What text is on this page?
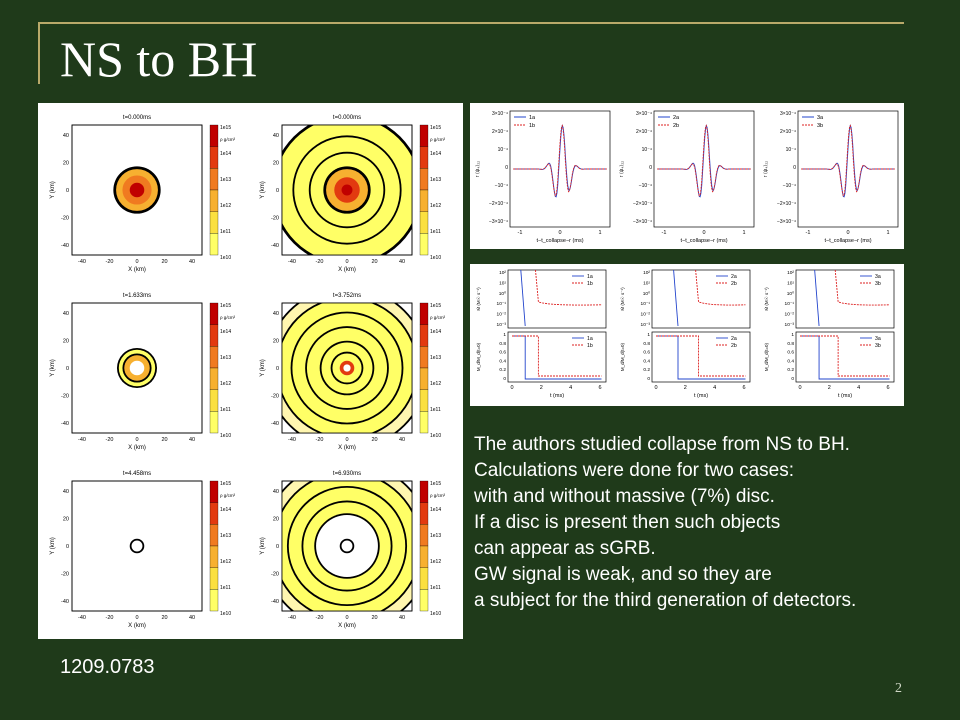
NS to BH
t=0.000ms
-40
-40
-20
-20
0
0
20
20
40
40
X (km)
Y (km)
1e15
1e14
1e13
1e12
1e11
1e10
ρ g/cm³
t=0.000ms
-40
-40
-20
-20
0
0
20
20
40
40
X (km)
Y (km)
1e15
1e14
1e13
1e12
1e11
1e10
ρ g/cm³
t=1.633ms
-40
-40
-20
-20
0
0
20
20
40
40
X (km)
Y (km)
1e15
1e14
1e13
1e12
1e11
1e10
ρ g/cm³
t=3.752ms
-40
-40
-20
-20
0
0
20
20
40
40
X (km)
Y (km)
1e15
1e14
1e13
1e12
1e11
1e10
ρ g/cm³
t=4.458ms
-40
-40
-20
-20
0
0
20
20
40
40
X (km)
Y (km)
1e15
1e14
1e13
1e12
1e11
1e10
ρ g/cm³
t=6.930ms
-40
-40
-20
-20
0
0
20
20
40
40
X (km)
Y (km)
1e15
1e14
1e13
1e12
1e11
1e10
ρ g/cm³
3×10⁻⁴
2×10⁻⁴
10⁻⁴
0
−10⁻⁴
−2×10⁻⁴
−3×10⁻⁴
-1	0	1
t−t_collapse−r (ms)
r ⟨ψ₄⟩₂₂
1a
1b
3×10⁻⁴
2×10⁻⁴
10⁻⁴
0
−10⁻⁴
−2×10⁻⁴
−3×10⁻⁴
-1	0	1
t−t_collapse−r (ms)
r ⟨ψ₄⟩₂₂
2a
2b
3×10⁻⁴
2×10⁻⁴
10⁻⁴
0
−10⁻⁴
−2×10⁻⁴
−3×10⁻⁴
-1	0	1
t−t_collapse−r (ms)
r ⟨ψ₄⟩₂₂
3a
3b
10²
10¹
10⁰
10⁻¹
10⁻²
10⁻³
1
0.8
0.6
0.4
0.2
0
0	2	4	6
t (ms)
Ṁ (M☉ s⁻¹)
M_d/M_d(t=0)
1a
1b
1a
1b
10²
10¹
10⁰
10⁻¹
10⁻²
10⁻³
1
0.8
0.6
0.4
0.2
0
0	2	4	6
t (ms)
Ṁ (M☉ s⁻¹)
M_d/M_d(t=0)
2a
2b
2a
2b
10²
10¹
10⁰
10⁻¹
10⁻²
10⁻³
1
0.8
0.6
0.4
0.2
0
0	2	4	6
t (ms)
Ṁ (M☉ s⁻¹)
M_d/M_d(t=0)
3a
3b
3a
3b
The authors studied collapse from NS to BH.
Calculations were done for two cases:
with and without massive (7%) disc.
If a disc is present then such objects
can appear as sGRB.
GW signal is weak, and so they are
a subject for the third generation of detectors.
1209.0783
2
